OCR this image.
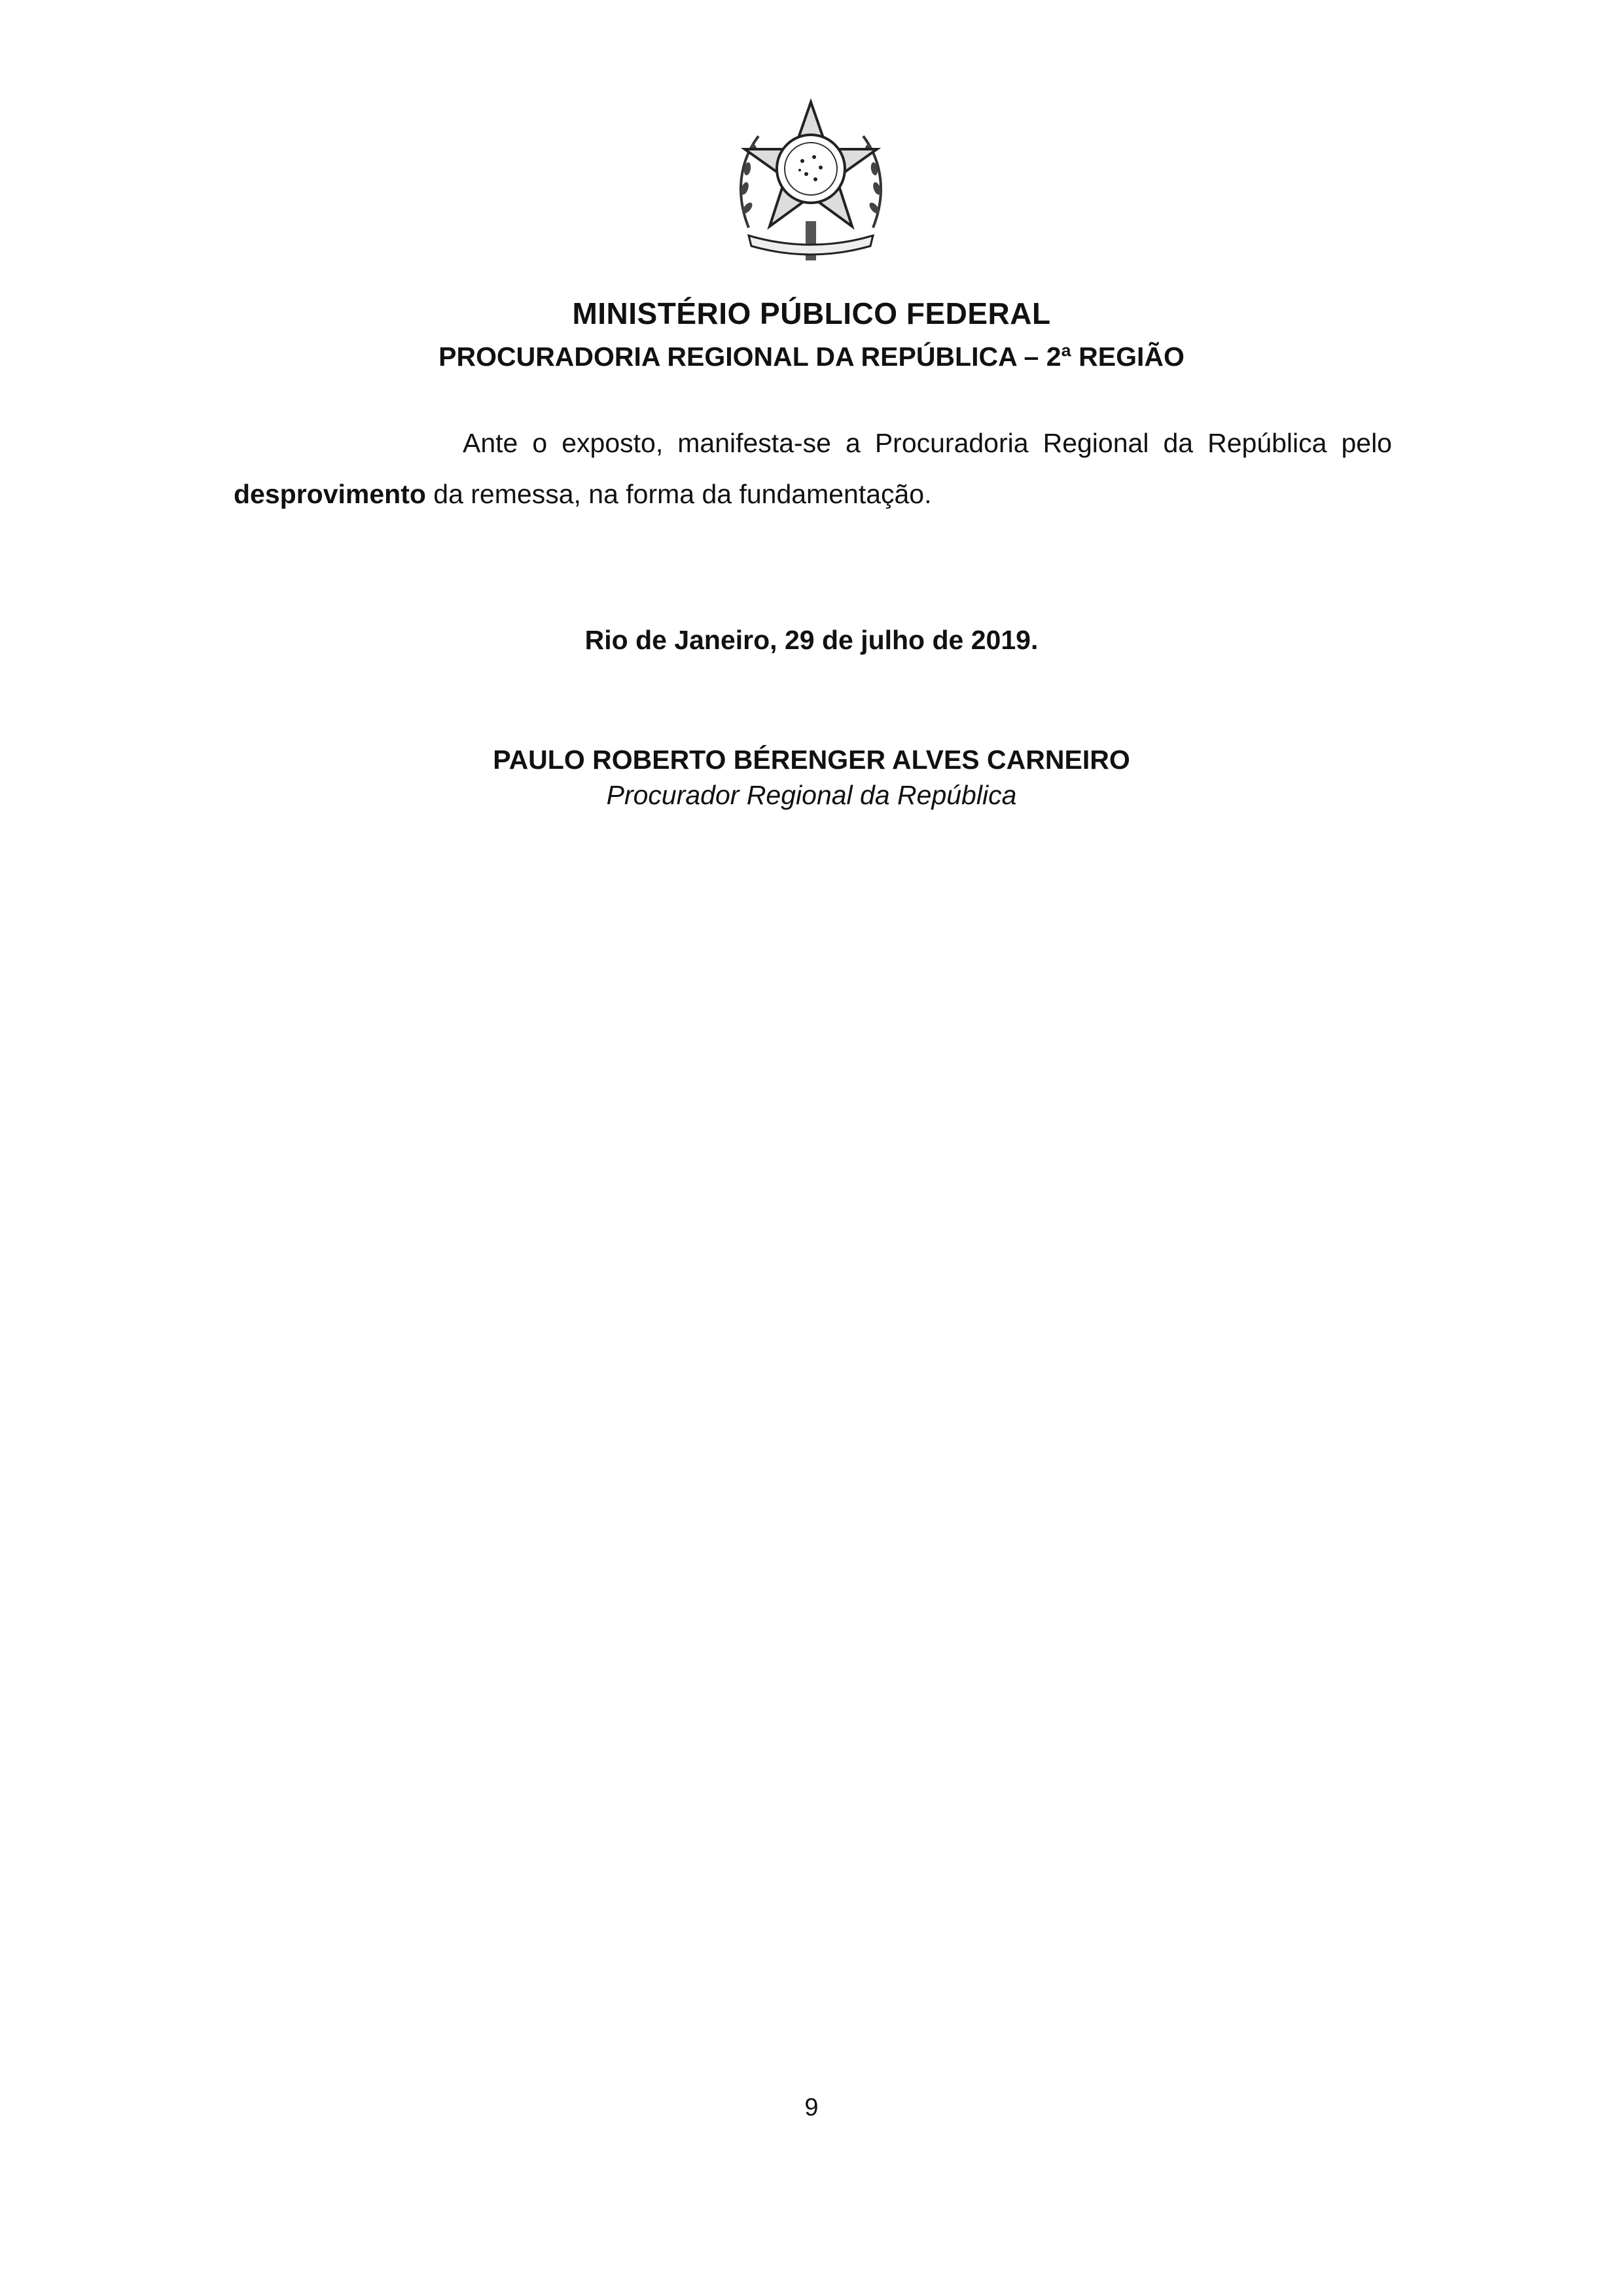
MINISTÉRIO PÚBLICO FEDERAL
PROCURADORIA REGIONAL DA REPÚBLICA – 2ª REGIÃO

Ante o exposto, manifesta-se a Procuradoria Regional da República pelo desprovimento da remessa, na forma da fundamentação.

Rio de Janeiro, 29 de julho de 2019.
PAULO ROBERTO BÉRENGER ALVES CARNEIRO
Procurador Regional da República
9
